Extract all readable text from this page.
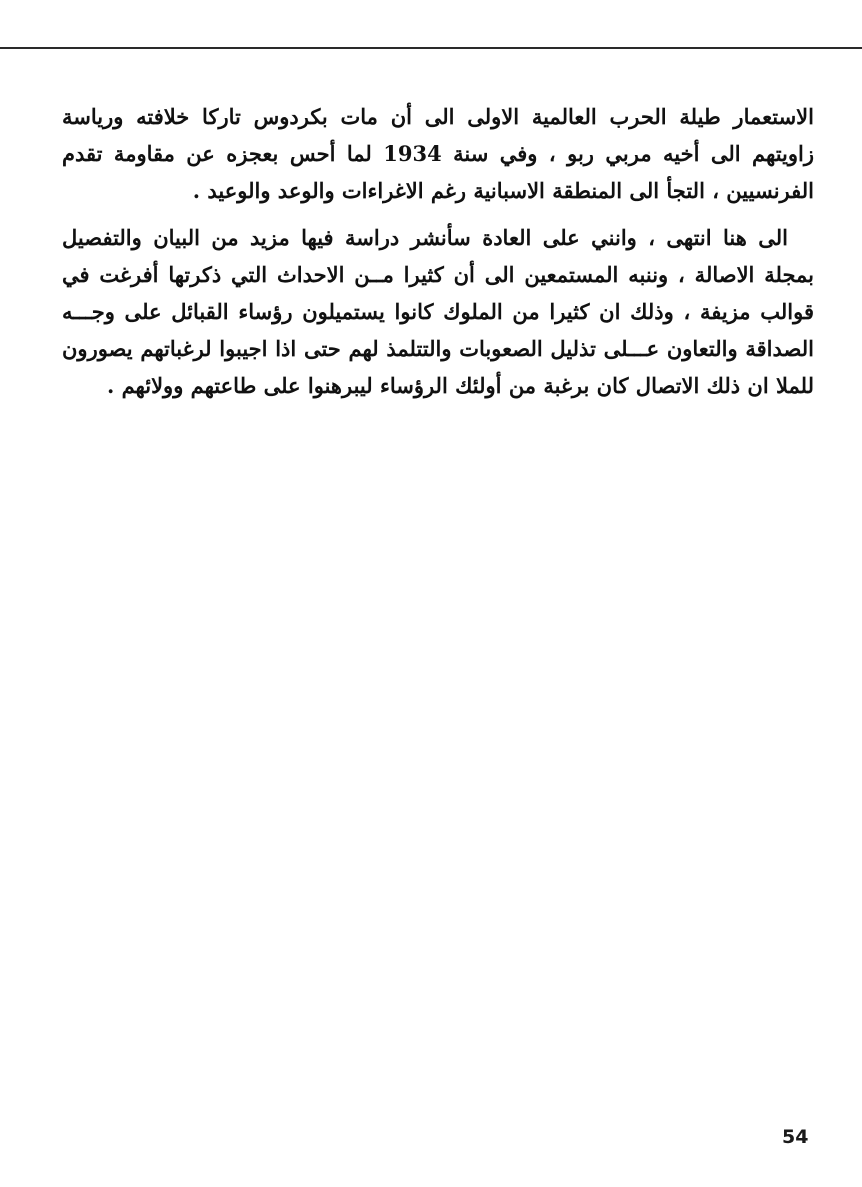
الاستعمار طيلة الحرب العالمية الاولى الى أن مات بكردوس تاركا خلافته ورياسة زاويتهم الى أخيه مربي ربو ، وفي سنة 1934 لما أحس بعجزه عن مقاومة تقدم الفرنسيين ، التجأ الى المنطقة الاسبانية رغم الاغراءات والوعد والوعيد .

الى هنا انتهى ، وانني على العادة سأنشر دراسة فيها مزيد من البيان والتفصيل بمجلة الاصالة ، وننبه المستمعين الى أن كثيرا مــن الاحداث التي ذكرتها أفرغت في قوالب مزيفة ، وذلك ان كثيرا من الملوك كانوا يستميلون رؤساء القبائل على وجـــه الصداقة والتعاون عـــلى تذليل الصعوبات والتتلمذ لهم حتى اذا اجيبوا لرغباتهم يصورون للملا ان ذلك الاتصال كان برغبة من أولئك الرؤساء ليبرهنوا على طاعتهم وولائهم .

54
